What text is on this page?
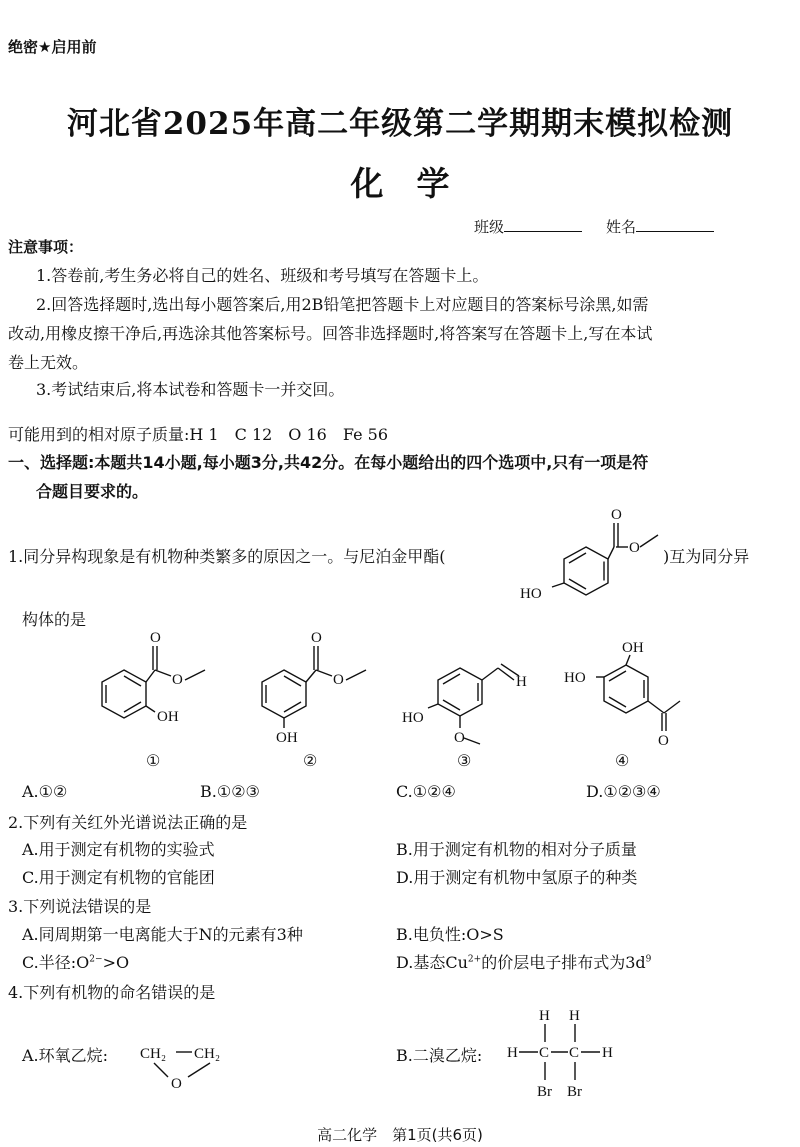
绝密★启用前
河北省2025年高二年级第二学期期末模拟检测
化　学
班级	姓名
注意事项：
1.答卷前,考生务必将自己的姓名、班级和考号填写在答题卡上。
2.回答选择题时,选出每小题答案后,用2B铅笔把答题卡上对应题目的答案标号涂黑,如需
改动,用橡皮擦干净后,再选涂其他答案标号。回答非选择题时,将答案写在答题卡上,写在本试
卷上无效。
3.考试结束后,将本试卷和答题卡一并交回。
可能用到的相对原子质量:H 1　C 12　O 16　Fe 56
一、选择题:本题共14小题,每小题3分,共42分。在每小题给出的四个选项中,只有一项是符
合题目要求的。
1.同分异构现象是有机物种类繁多的原因之一。与尼泊金甲酯(	)互为同分异
构体的是
O
O
HO
O
O
OH
①
O
O
OH
②
H
HO
O
③
OH
HO
O
④
A.①②	B.①②③	C.①②④	D.①②③④
2.下列有关红外光谱说法正确的是
A.用于测定有机物的实验式	B.用于测定有机物的相对分子质量
C.用于测定有机物的官能团	D.用于测定有机物中氢原子的种类
3.下列说法错误的是
A.同周期第一电离能大于N的元素有3种	B.电负性:O>S
C.半径$:O^{2-}>O$	D.基态$Cu^{2+}$的价层电子排布式为$3d^9$
4.下列有机物的命名错误的是
A.环氧乙烷: CH₂ CH₂
O
B.二溴乙烷:
H H
H C C H
Br Br
高二化学　第1页(共6页)
